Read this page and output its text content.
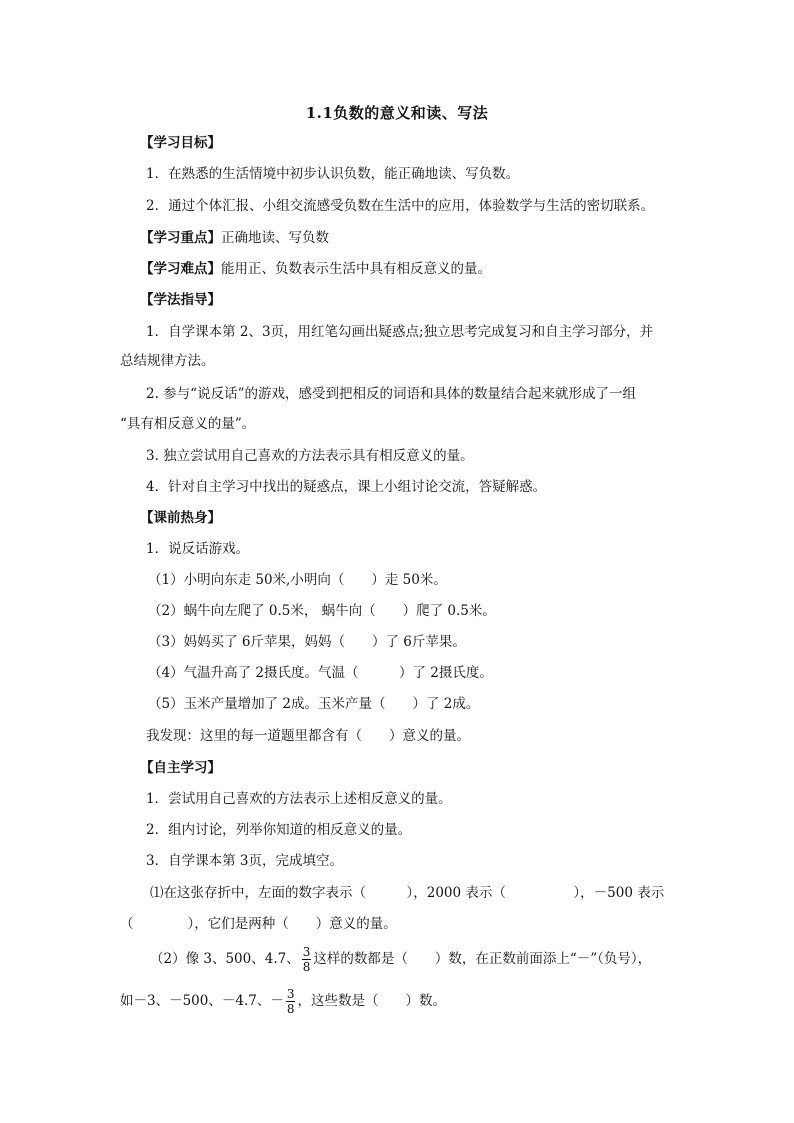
1.1负数的意义和读、写法
【学习目标】
1．在熟悉的生活情境中初步认识负数，能正确地读、写负数。
2．通过个体汇报、小组交流感受负数在生活中的应用，体验数学与生活的密切联系。
【学习重点】正确地读、写负数
【学习难点】能用正、负数表示生活中具有相反意义的量。
【学法指导】
1．自学课本第 2、3页，用红笔勾画出疑惑点;独立思考完成复习和自主学习部分，并
总结规律方法。
2. 参与“说反话”的游戏，感受到把相反的词语和具体的数量结合起来就形成了一组
“具有相反意义的量”。
3. 独立尝试用自己喜欢的方法表示具有相反意义的量。
4．针对自主学习中找出的疑惑点，课上小组讨论交流，答疑解惑。
【课前热身】
1．说反话游戏。
（1）小明向东走 50米,小明向（　　）走 50米。
（2）蜗牛向左爬了 0.5米， 蜗牛向（　　）爬了 0.5米。
（3）妈妈买了 6斤苹果，妈妈（　　）了 6斤苹果。
（4）气温升高了 2摄氏度。气温（　　　）了 2摄氏度。
（5）玉米产量增加了 2成。玉米产量（　　）了 2成。
我发现：这里的每一道题里都含有（　　）意义的量。
【自主学习】
1．尝试用自己喜欢的方法表示上述相反意义的量。
2．组内讨论，列举你知道的相反意义的量。
3．自学课本第 3页，完成填空。
⑴在这张存折中，左面的数字表示（　　　），2000 表示（　　　　　），－500 表示
（　　　　），它们是两种（　　）意义的量。
（2）像 3、500、4.7、 $\frac{3}{8}$ 这样的数都是（　　）数，在正数前面添上“－”（负号），
如－3、－500、－4.7、－ $\frac{3}{8}$ ，这些数是（　　）数。
